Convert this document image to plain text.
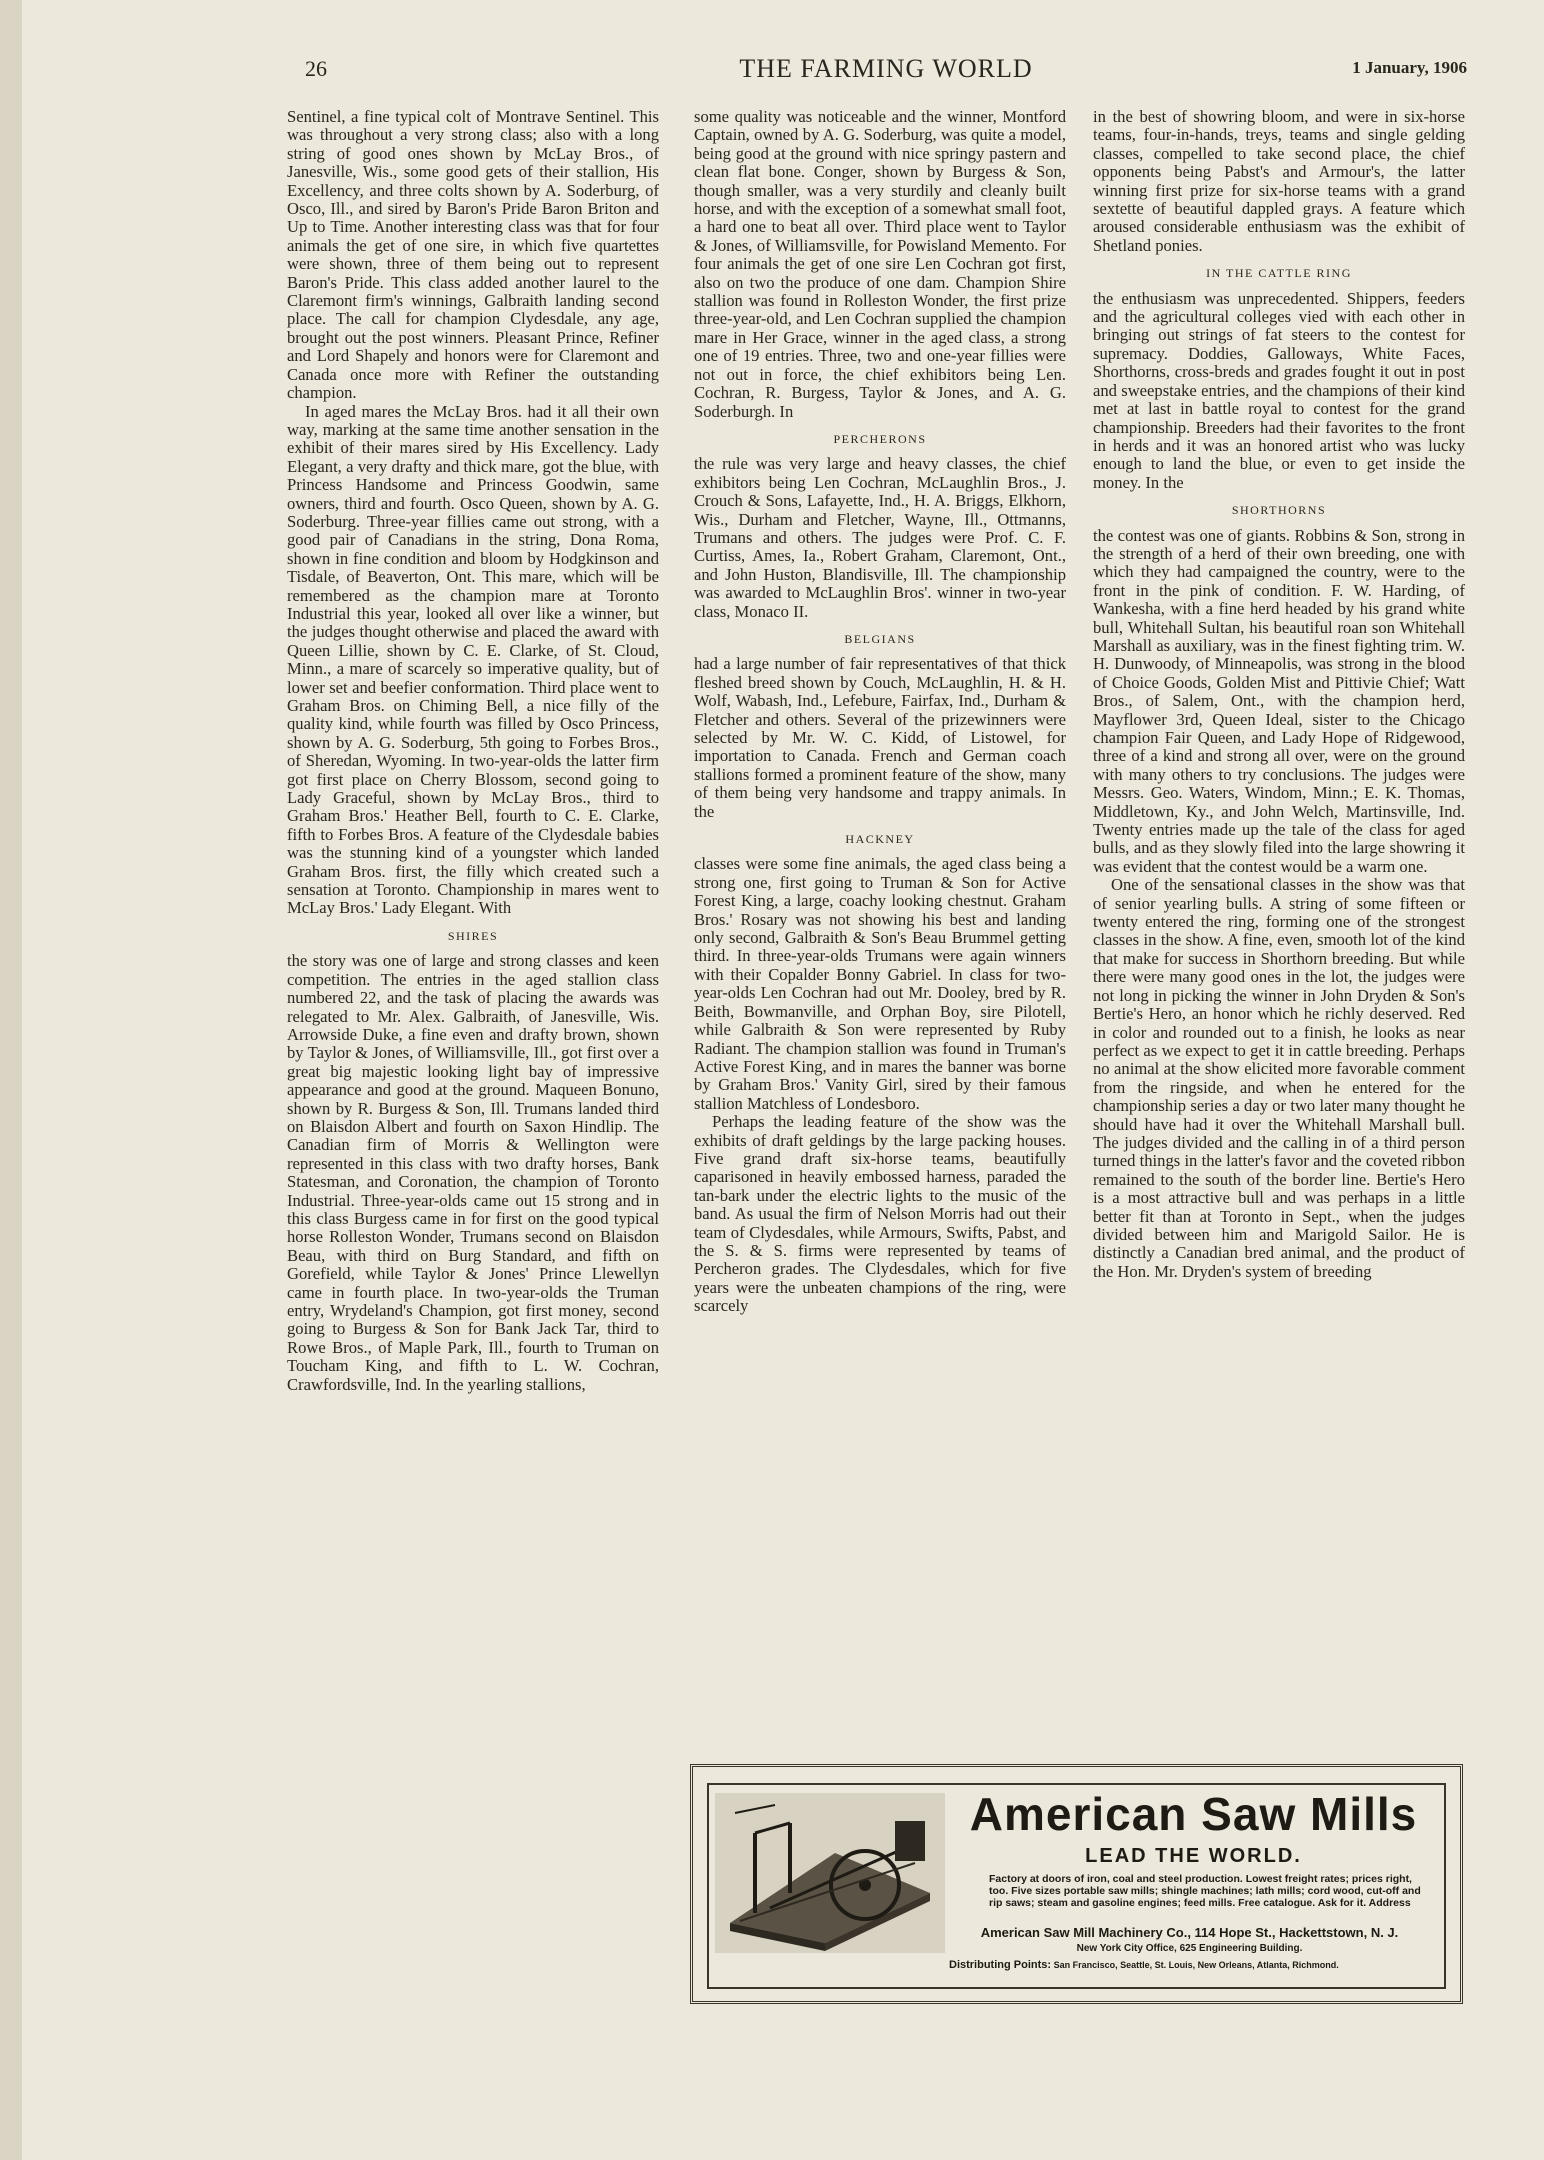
26	THE FARMING WORLD	1 January, 1906

Sentinel, a fine typical colt of Montrave Sentinel. This was throughout a very strong class; also with a long string of good ones shown by McLay Bros., of Janesville, Wis., some good gets of their stallion, His Excellency, and three colts shown by A. Soderburg, of Osco, Ill., and sired by Baron's Pride Baron Briton and Up to Time. Another interesting class was that for four animals the get of one sire, in which five quartettes were shown, three of them being out to represent Baron's Pride. This class added another laurel to the Claremont firm's winnings, Galbraith landing second place. The call for champion Clydesdale, any age, brought out the post winners. Pleasant Prince, Refiner and Lord Shapely and honors were for Claremont and Canada once more with Refiner the outstanding champion.

In aged mares the McLay Bros. had it all their own way, marking at the same time another sensation in the exhibit of their mares sired by His Excellency. Lady Elegant, a very drafty and thick mare, got the blue, with Princess Handsome and Princess Goodwin, same owners, third and fourth. Osco Queen, shown by A. G. Soderburg. Three-year fillies came out strong, with a good pair of Canadians in the string, Dona Roma, shown in fine condition and bloom by Hodgkinson and Tisdale, of Beaverton, Ont. This mare, which will be remembered as the champion mare at Toronto Industrial this year, looked all over like a winner, but the judges thought otherwise and placed the award with Queen Lillie, shown by C. E. Clarke, of St. Cloud, Minn., a mare of scarcely so imperative quality, but of lower set and beefier conformation. Third place went to Graham Bros. on Chiming Bell, a nice filly of the quality kind, while fourth was filled by Osco Princess, shown by A. G. Soderburg, 5th going to Forbes Bros., of Sheredan, Wyoming. In two-year-olds the latter firm got first place on Cherry Blossom, second going to Lady Graceful, shown by McLay Bros., third to Graham Bros.' Heather Bell, fourth to C. E. Clarke, fifth to Forbes Bros. A feature of the Clydesdale babies was the stunning kind of a youngster which landed Graham Bros. first, the filly which created such a sensation at Toronto. Championship in mares went to McLay Bros.' Lady Elegant. With

SHIRES

the story was one of large and strong classes and keen competition. The entries in the aged stallion class numbered 22, and the task of placing the awards was relegated to Mr. Alex. Galbraith, of Janesville, Wis. Arrowside Duke, a fine even and drafty brown, shown by Taylor & Jones, of Williamsville, Ill., got first over a great big majestic looking light bay of impressive appearance and good at the ground. Maqueen Bonuno, shown by R. Burgess & Son, Ill. Trumans landed third on Blaisdon Albert and fourth on Saxon Hindlip. The Canadian firm of Morris & Wellington were represented in this class with two drafty horses, Bank Statesman, and Coronation, the champion of Toronto Industrial. Three-year-olds came out 15 strong and in this class Burgess came in for first on the good typical horse Rolleston Wonder, Trumans second on Blaisdon Beau, with third on Burg Standard, and fifth on Gorefield, while Taylor & Jones' Prince Llewellyn came in fourth place. In two-year-olds the Truman entry, Wrydeland's Champion, got first money, second going to Burgess & Son for Bank Jack Tar, third to Rowe Bros., of Maple Park, Ill., fourth to Truman on Toucham King, and fifth to L. W. Cochran, Crawfordsville, Ind. In the yearling stallions,

some quality was noticeable and the winner, Montford Captain, owned by A. G. Soderburg, was quite a model, being good at the ground with nice springy pastern and clean flat bone. Conger, shown by Burgess & Son, though smaller, was a very sturdily and cleanly built horse, and with the exception of a somewhat small foot, a hard one to beat all over. Third place went to Taylor & Jones, of Williamsville, for Powisland Memento. For four animals the get of one sire Len Cochran got first, also on two the produce of one dam. Champion Shire stallion was found in Rolleston Wonder, the first prize three-year-old, and Len Cochran supplied the champion mare in Her Grace, winner in the aged class, a strong one of 19 entries. Three, two and one-year fillies were not out in force, the chief exhibitors being Len. Cochran, R. Burgess, Taylor & Jones, and A. G. Soderburgh. In

PERCHERONS

the rule was very large and heavy classes, the chief exhibitors being Len Cochran, McLaughlin Bros., J. Crouch & Sons, Lafayette, Ind., H. A. Briggs, Elkhorn, Wis., Durham and Fletcher, Wayne, Ill., Ottmanns, Trumans and others. The judges were Prof. C. F. Curtiss, Ames, Ia., Robert Graham, Claremont, Ont., and John Huston, Blandisville, Ill. The championship was awarded to McLaughlin Bros'. winner in two-year class, Monaco II.

BELGIANS

had a large number of fair representatives of that thick fleshed breed shown by Couch, McLaughlin, H. & H. Wolf, Wabash, Ind., Lefebure, Fairfax, Ind., Durham & Fletcher and others. Several of the prizewinners were selected by Mr. W. C. Kidd, of Listowel, for importation to Canada. French and German coach stallions formed a prominent feature of the show, many of them being very handsome and trappy animals. In the

HACKNEY

classes were some fine animals, the aged class being a strong one, first going to Truman & Son for Active Forest King, a large, coachy looking chestnut. Graham Bros.' Rosary was not showing his best and landing only second, Galbraith & Son's Beau Brummel getting third. In three-year-olds Trumans were again winners with their Copalder Bonny Gabriel. In class for two-year-olds Len Cochran had out Mr. Dooley, bred by R. Beith, Bowmanville, and Orphan Boy, sire Pilotell, while Galbraith & Son were represented by Ruby Radiant. The champion stallion was found in Truman's Active Forest King, and in mares the banner was borne by Graham Bros.' Vanity Girl, sired by their famous stallion Matchless of Londesboro.

Perhaps the leading feature of the show was the exhibits of draft geldings by the large packing houses. Five grand draft six-horse teams, beautifully caparisoned in heavily embossed harness, paraded the tan-bark under the electric lights to the music of the band. As usual the firm of Nelson Morris had out their team of Clydesdales, while Armours, Swifts, Pabst, and the S. & S. firms were represented by teams of Percheron grades. The Clydesdales, which for five years were the unbeaten champions of the ring, were scarcely

in the best of showring bloom, and were in six-horse teams, four-in-hands, treys, teams and single gelding classes, compelled to take second place, the chief opponents being Pabst's and Armour's, the latter winning first prize for six-horse teams with a grand sextette of beautiful dappled grays. A feature which aroused considerable enthusiasm was the exhibit of Shetland ponies.

IN THE CATTLE RING

the enthusiasm was unprecedented. Shippers, feeders and the agricultural colleges vied with each other in bringing out strings of fat steers to the contest for supremacy. Doddies, Galloways, White Faces, Shorthorns, cross-breds and grades fought it out in post and sweepstake entries, and the champions of their kind met at last in battle royal to contest for the grand championship. Breeders had their favorites to the front in herds and it was an honored artist who was lucky enough to land the blue, or even to get inside the money. In the

SHORTHORNS

the contest was one of giants. Robbins & Son, strong in the strength of a herd of their own breeding, one with which they had campaigned the country, were to the front in the pink of condition. F. W. Harding, of Wankesha, with a fine herd headed by his grand white bull, Whitehall Sultan, his beautiful roan son Whitehall Marshall as auxiliary, was in the finest fighting trim. W. H. Dunwoody, of Minneapolis, was strong in the blood of Choice Goods, Golden Mist and Pittivie Chief; Watt Bros., of Salem, Ont., with the champion herd, Mayflower 3rd, Queen Ideal, sister to the Chicago champion Fair Queen, and Lady Hope of Ridgewood, three of a kind and strong all over, were on the ground with many others to try conclusions. The judges were Messrs. Geo. Waters, Windom, Minn.; E. K. Thomas, Middletown, Ky., and John Welch, Martinsville, Ind. Twenty entries made up the tale of the class for aged bulls, and as they slowly filed into the large showring it was evident that the contest would be a warm one.

One of the sensational classes in the show was that of senior yearling bulls. A string of some fifteen or twenty entered the ring, forming one of the strongest classes in the show. A fine, even, smooth lot of the kind that make for success in Shorthorn breeding. But while there were many good ones in the lot, the judges were not long in picking the winner in John Dryden & Son's Bertie's Hero, an honor which he richly deserved. Red in color and rounded out to a finish, he looks as near perfect as we expect to get it in cattle breeding. Perhaps no animal at the show elicited more favorable comment from the ringside, and when he entered for the championship series a day or two later many thought he should have had it over the Whitehall Marshall bull. The judges divided and the calling in of a third person turned things in the latter's favor and the coveted ribbon remained to the south of the border line. Bertie's Hero is a most attractive bull and was perhaps in a little better fit than at Toronto in Sept., when the judges divided between him and Marigold Sailor. He is distinctly a Canadian bred animal, and the product of the Hon. Mr. Dryden's system of breeding

American Saw Mills
LEAD THE WORLD.
Factory at doors of iron, coal and steel production. Lowest freight rates; prices right, too. Five sizes portable saw mills; shingle machines; lath mills; cord wood, cut-off and rip saws; steam and gasoline engines; feed mills. Free catalogue. Ask for it. Address
American Saw Mill Machinery Co., 114 Hope St., Hackettstown, N. J.
New York City Office, 625 Engineering Building.
Distributing Points: San Francisco, Seattle, St. Louis, New Orleans, Atlanta, Richmond.
